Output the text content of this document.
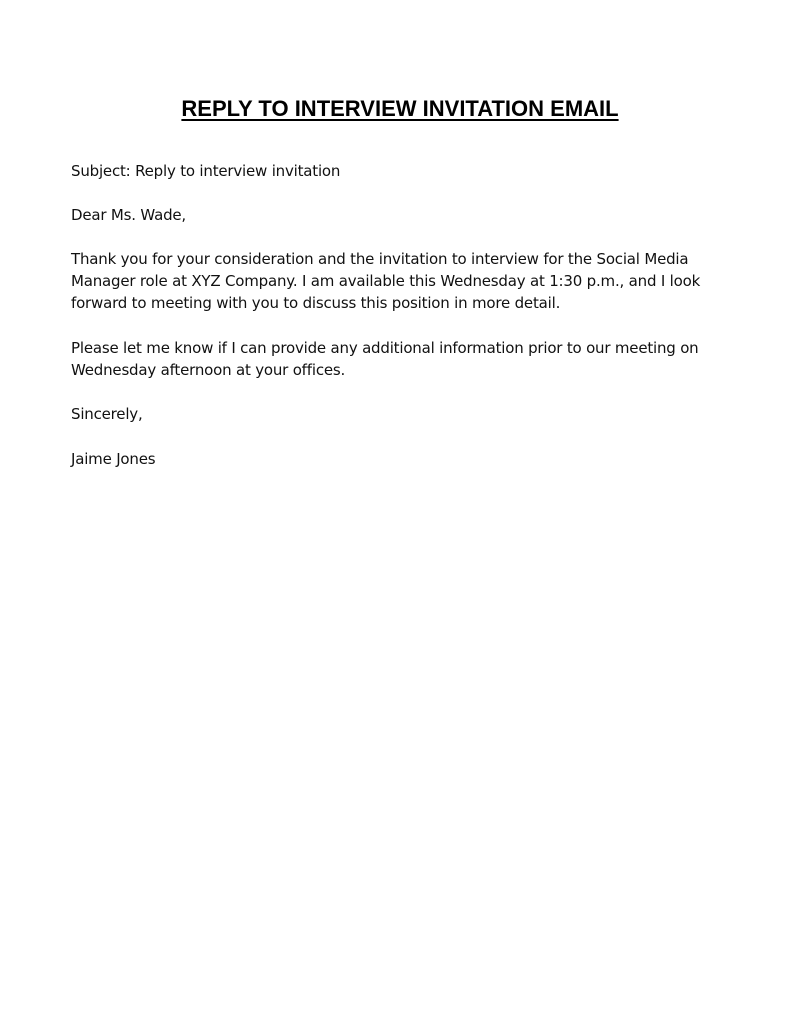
REPLY TO INTERVIEW INVITATION EMAIL

Subject: Reply to interview invitation

Dear Ms. Wade,

Thank you for your consideration and the invitation to interview for the Social Media Manager role at XYZ Company. I am available this Wednesday at 1:30 p.m., and I look forward to meeting with you to discuss this position in more detail.

Please let me know if I can provide any additional information prior to our meeting on Wednesday afternoon at your offices.

Sincerely,

Jaime Jones
